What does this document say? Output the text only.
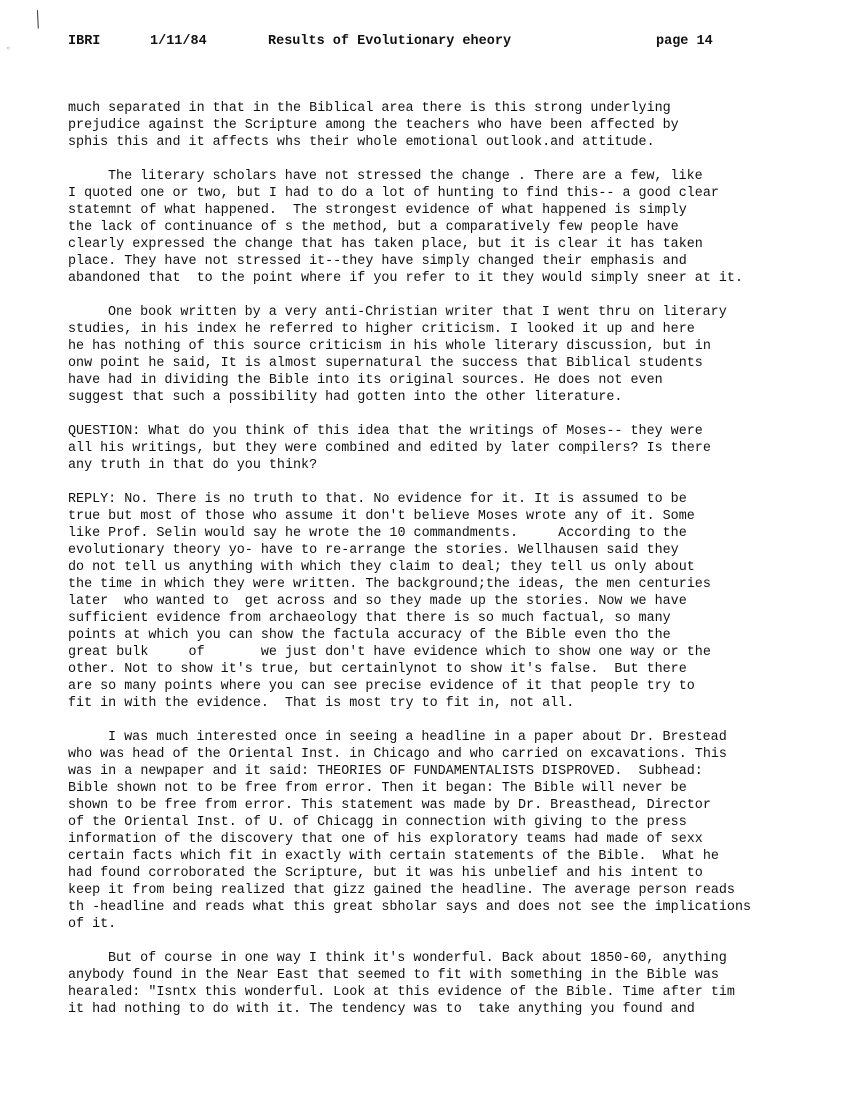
╱
◦	IBRI	1/11/84	Results of Evolutionary eheory	page 14
much separated in that in the Biblical area there is this strong underlying
prejudice against the Scripture among the teachers who have been affected by
sphis this and it affects whs their whole emotional outlook.and attitude.
The literary scholars have not stressed the change . There are a few, like
I quoted one or two, but I had to do a lot of hunting to find this-- a good clear
statemnt of what happened.  The strongest evidence of what happened is simply
the lack of continuance of s the method, but a comparatively few people have
clearly expressed the change that has taken place, but it is clear it has taken
place. They have not stressed it--they have simply changed their emphasis and
abandoned that  to the point where if you refer to it they would simply sneer at it.
One book written by a very anti-Christian writer that I went thru on literary
studies, in his index he referred to higher criticism. I looked it up and here
he has nothing of this source criticism in his whole literary discussion, but in
onw point he said, It is almost supernatural the success that Biblical students
have had in dividing the Bible into its original sources. He does not even
suggest that such a possibility had gotten into the other literature.
QUESTION: What do you think of this idea that the writings of Moses-- they were
all his writings, but they were combined and edited by later compilers? Is there
any truth in that do you think?
REPLY: No. There is no truth to that. No evidence for it. It is assumed to be
true but most of those who assume it don't believe Moses wrote any of it. Some
like Prof. Selin would say he wrote the 10 commandments.     According to the
evolutionary theory yo- have to re-arrange the stories. Wellhausen said they
do not tell us anything with which they claim to deal; they tell us only about
the time in which they were written. The background;the ideas, the men centuries
later  who wanted to  get across and so they made up the stories. Now we have
sufficient evidence from archaeology that there is so much factual, so many
points at which you can show the factula accuracy of the Bible even tho the
great bulk     of       we just don't have evidence which to show one way or the
other. Not to show it's true, but certainlynot to show it's false.  But there
are so many points where you can see precise evidence of it that people try to
fit in with the evidence.  That is most try to fit in, not all.
I was much interested once in seeing a headline in a paper about Dr. Brestead
who was head of the Oriental Inst. in Chicago and who carried on excavations. This
was in a newpaper and it said: THEORIES OF FUNDAMENTALISTS DISPROVED.  Subhead:
Bible shown not to be free from error. Then it began: The Bible will never be
shown to be free from error. This statement was made by Dr. Breasthead, Director
of the Oriental Inst. of U. of Chicagg in connection with giving to the press
information of the discovery that one of his exploratory teams had made of sexx
certain facts which fit in exactly with certain statements of the Bible.  What he
had found corroborated the Scripture, but it was his unbelief and his intent to
keep it from being realized that gizz gained the headline. The average person reads
th -headline and reads what this great sbholar says and does not see the implications
of it.
But of course in one way I think it's wonderful. Back about 1850-60, anything
anybody found in the Near East that seemed to fit with something in the Bible was
hearaled: "Isntx this wonderful. Look at this evidence of the Bible. Time after tim
it had nothing to do with it. The tendency was to  take anything you found and
